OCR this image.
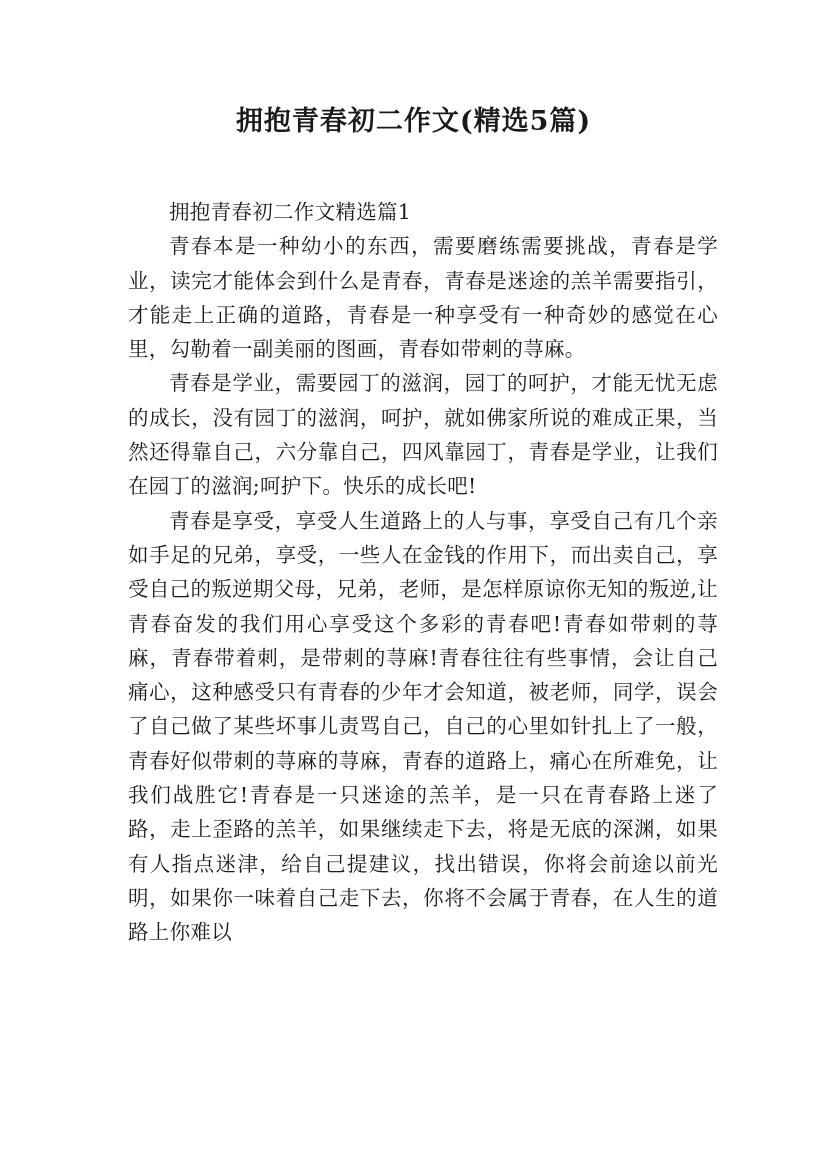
拥抱青春初二作文(精选5篇)

拥抱青春初二作文精选篇1

青春本是一种幼小的东西，需要磨练需要挑战，青春是学业，读完才能体会到什么是青春，青春是迷途的羔羊需要指引，才能走上正确的道路，青春是一种享受有一种奇妙的感觉在心里，勾勒着一副美丽的图画，青春如带刺的荨麻。

青春是学业，需要园丁的滋润，园丁的呵护，才能无忧无虑的成长，没有园丁的滋润，呵护，就如佛家所说的难成正果，当然还得靠自己，六分靠自己，四风靠园丁，青春是学业，让我们在园丁的滋润;呵护下。快乐的成长吧!

青春是享受，享受人生道路上的人与事，享受自己有几个亲如手足的兄弟，享受，一些人在金钱的作用下，而出卖自己，享受自己的叛逆期父母，兄弟，老师，是怎样原谅你无知的叛逆,让青春奋发的我们用心享受这个多彩的青春吧!青春如带刺的荨麻，青春带着刺，是带刺的荨麻!青春往往有些事情，会让自己痛心，这种感受只有青春的少年才会知道，被老师，同学，误会了自己做了某些坏事儿责骂自己，自己的心里如针扎上了一般，青春好似带刺的荨麻的荨麻，青春的道路上，痛心在所难免，让我们战胜它!青春是一只迷途的羔羊，是一只在青春路上迷了路，走上歪路的羔羊，如果继续走下去，将是无底的深渊，如果有人指点迷津，给自己提建议，找出错误，你将会前途以前光明，如果你一味着自己走下去，你将不会属于青春，在人生的道路上你难以
